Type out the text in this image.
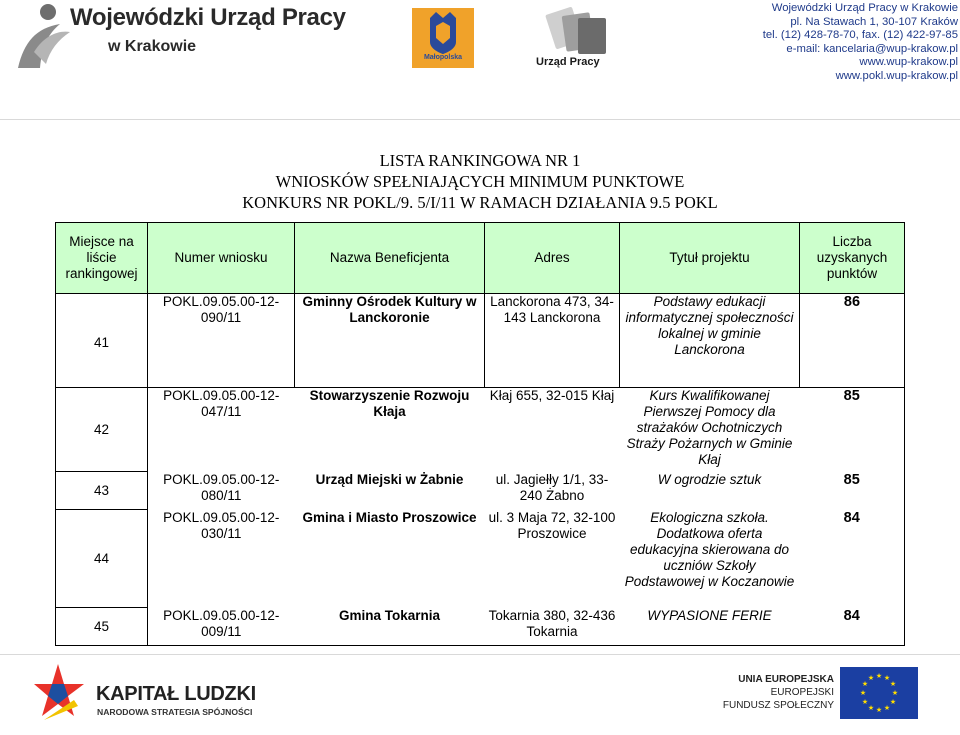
Wojewódzki Urząd Pracy
w Krakowie
Małopolska	Urząd Pracy
Wojewódzki Urząd Pracy w Krakowie
pl. Na Stawach 1, 30-107 Kraków
tel. (12) 428-78-70, fax. (12) 422-97-85
e-mail: kancelaria@wup-krakow.pl
www.wup-krakow.pl
www.pokl.wup-krakow.pl
LISTA RANKINGOWA NR 1
WNIOSKÓW SPEŁNIAJĄCYCH MINIMUM PUNKTOWE
KONKURS NR POKL/9. 5/I/11 W RAMACH DZIAŁANIA 9.5 POKL
Miejsce na liście rankingowej	Numer wniosku	Nazwa Beneficjenta	Adres	Tytuł projektu	Liczba uzyskanych punktów
41	POKL.09.05.00-12-090/11	Gminny Ośrodek Kultury w Lanckoronie	Lanckorona 473, 34-143 Lanckorona	Podstawy edukacji informatycznej społeczności lokalnej w gminie Lanckorona	86
42	POKL.09.05.00-12-047/11	Stowarzyszenie Rozwoju Kłaja	Kłaj 655, 32-015 Kłaj	Kurs Kwalifikowanej Pierwszej Pomocy dla strażaków Ochotniczych Straży Pożarnych w Gminie Kłaj	85
43	POKL.09.05.00-12-080/11	Urząd Miejski w Żabnie	ul. Jagiełły 1/1, 33-240 Żabno	W ogrodzie sztuk	85
44	POKL.09.05.00-12-030/11	Gmina i Miasto Proszowice	ul. 3 Maja 72, 32-100 Proszowice	Ekologiczna szkoła. Dodatkowa oferta edukacyjna skierowana do uczniów Szkoły Podstawowej w Koczanowie	84
45	POKL.09.05.00-12-009/11	Gmina Tokarnia	Tokarnia 380, 32-436 Tokarnia	WYPASIONE FERIE	84
KAPITAŁ LUDZKI
NARODOWA STRATEGIA SPÓJNOŚCI
UNIA EUROPEJSKA
EUROPEJSKI
FUNDUSZ SPOŁECZNY
★ ★
★
★
★
★
★
★
★
★
★
★
